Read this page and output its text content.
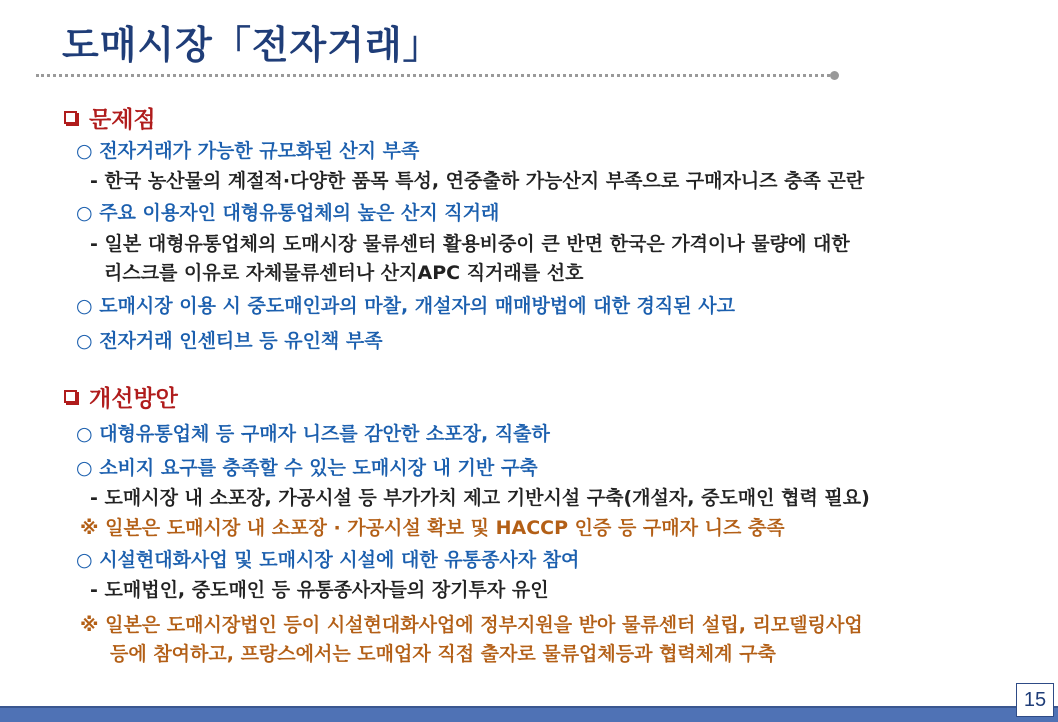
도매시장「전자거래」
문제점
○ 전자거래가 가능한 규모화된 산지 부족
- 한국 농산물의 계절적·다양한 품목 특성, 연중출하 가능산지 부족으로 구매자니즈 충족 곤란
○ 주요 이용자인 대형유통업체의 높은 산지 직거래
- 일본 대형유통업체의 도매시장 물류센터 활용비중이 큰 반면 한국은 가격이나 물량에 대한
리스크를 이유로 자체물류센터나 산지APC 직거래를 선호
○ 도매시장 이용 시 중도매인과의 마찰, 개설자의 매매방법에 대한 경직된 사고
○ 전자거래 인센티브 등 유인책 부족
개선방안
○ 대형유통업체 등 구매자 니즈를 감안한 소포장, 직출하
○ 소비지 요구를 충족할 수 있는 도매시장 내 기반 구축
- 도매시장 내 소포장, 가공시설 등 부가가치 제고 기반시설 구축(개설자, 중도매인 협력 필요)
※ 일본은 도매시장 내 소포장 · 가공시설 확보 및 HACCP 인증 등 구매자 니즈 충족
○ 시설현대화사업 및 도매시장 시설에 대한 유통종사자 참여
- 도매법인, 중도매인 등 유통종사자들의 장기투자 유인
※ 일본은 도매시장법인 등이 시설현대화사업에 정부지원을 받아 물류센터 설립, 리모델링사업
등에 참여하고, 프랑스에서는 도매업자 직접 출자로 물류업체등과 협력체계 구축
15
